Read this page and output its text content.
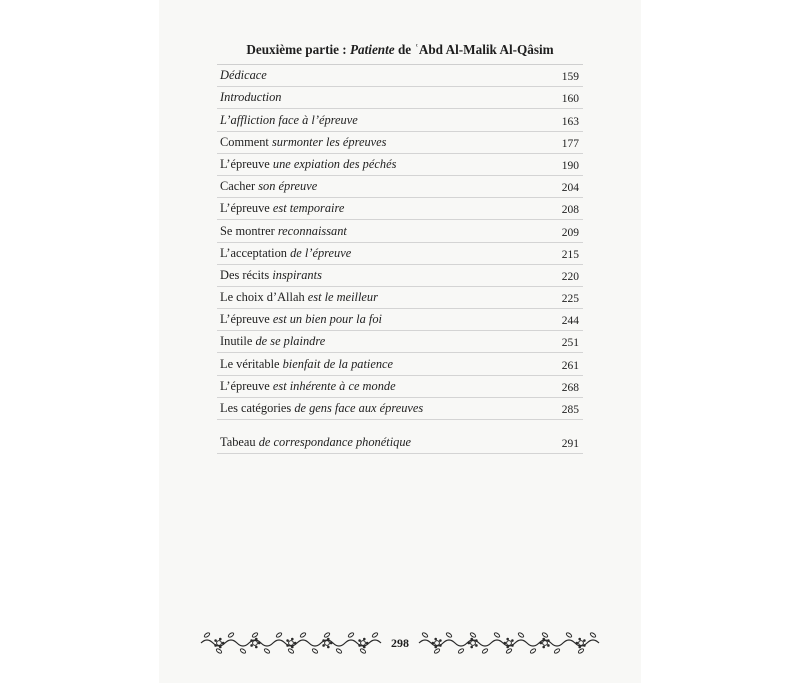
Deuxième partie : Patiente de ʿAbd Al-Malik Al-Qâsim
Dédicace	159
Introduction	160
L’affliction face à l’épreuve	163
Comment surmonter les épreuves	177
L’épreuve une expiation des péchés	190
Cacher son épreuve	204
L’épreuve est temporaire	208
Se montrer reconnaissant	209
L’acceptation de l’épreuve	215
Des récits inspirants	220
Le choix d’Allah est le meilleur	225
L’épreuve est un bien pour la foi	244
Inutile de se plaindre	251
Le véritable bienfait de la patience	261
L’épreuve est inhérente à ce monde	268
Les catégories de gens face aux épreuves	285
Tabeau de correspondance phonétique	291
298
